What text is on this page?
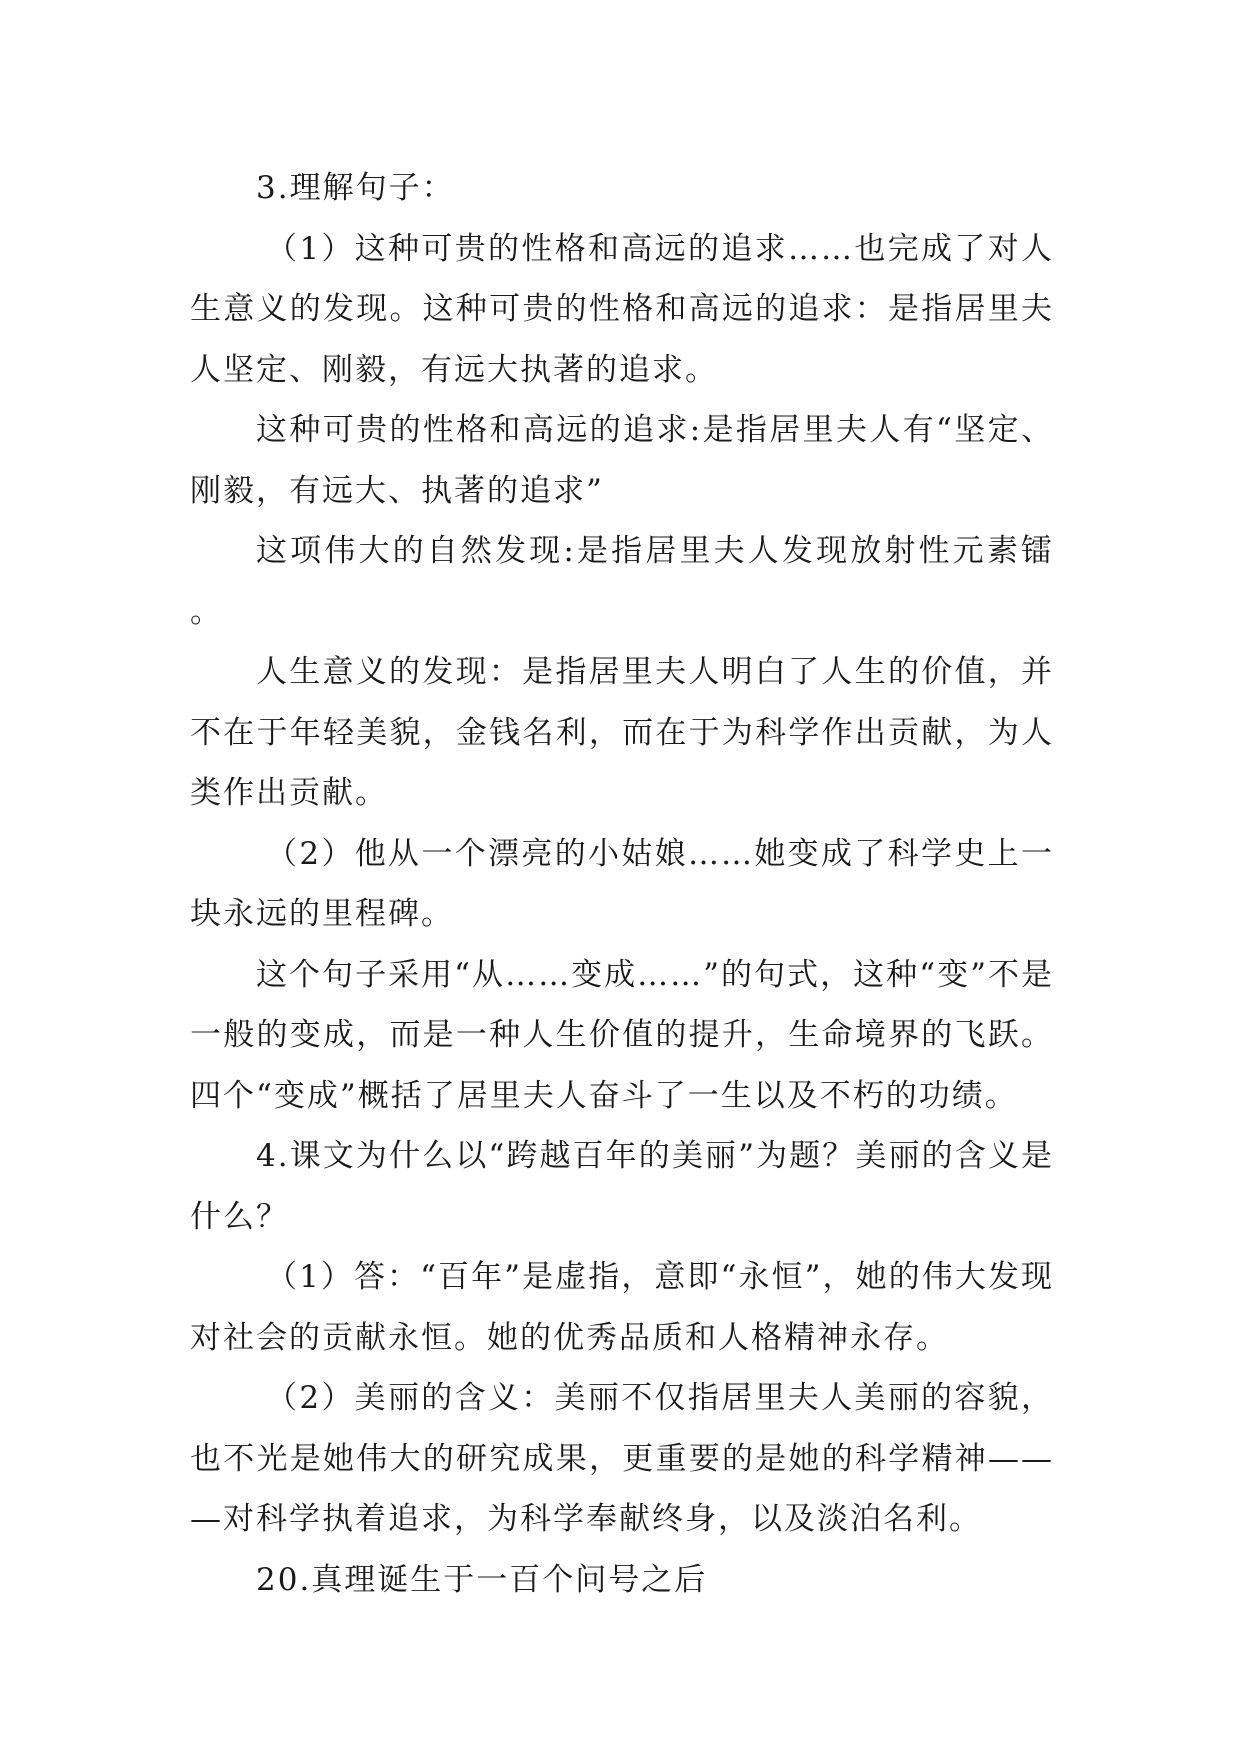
3.理解句子：

（1）这种可贵的性格和高远的追求……也完成了对人生意义的发现。这种可贵的性格和高远的追求：是指居里夫人坚定、刚毅，有远大执著的追求。

这种可贵的性格和高远的追求:是指居里夫人有“坚定、刚毅，有远大、执著的追求”

这项伟大的自然发现:是指居里夫人发现放射性元素镭。

人生意义的发现：是指居里夫人明白了人生的价值，并不在于年轻美貌，金钱名利，而在于为科学作出贡献，为人类作出贡献。

（2）他从一个漂亮的小姑娘……她变成了科学史上一块永远的里程碑。

这个句子采用“从……变成……”的句式，这种“变”不是一般的变成，而是一种人生价值的提升，生命境界的飞跃。四个“变成”概括了居里夫人奋斗了一生以及不朽的功绩。

4.课文为什么以“跨越百年的美丽”为题？美丽的含义是什么？

（1）答：“百年”是虚指，意即“永恒”，她的伟大发现对社会的贡献永恒。她的优秀品质和人格精神永存。

（2）美丽的含义：美丽不仅指居里夫人美丽的容貌，也不光是她伟大的研究成果，更重要的是她的科学精神———对科学执着追求，为科学奉献终身，以及淡泊名利。

20.真理诞生于一百个问号之后
